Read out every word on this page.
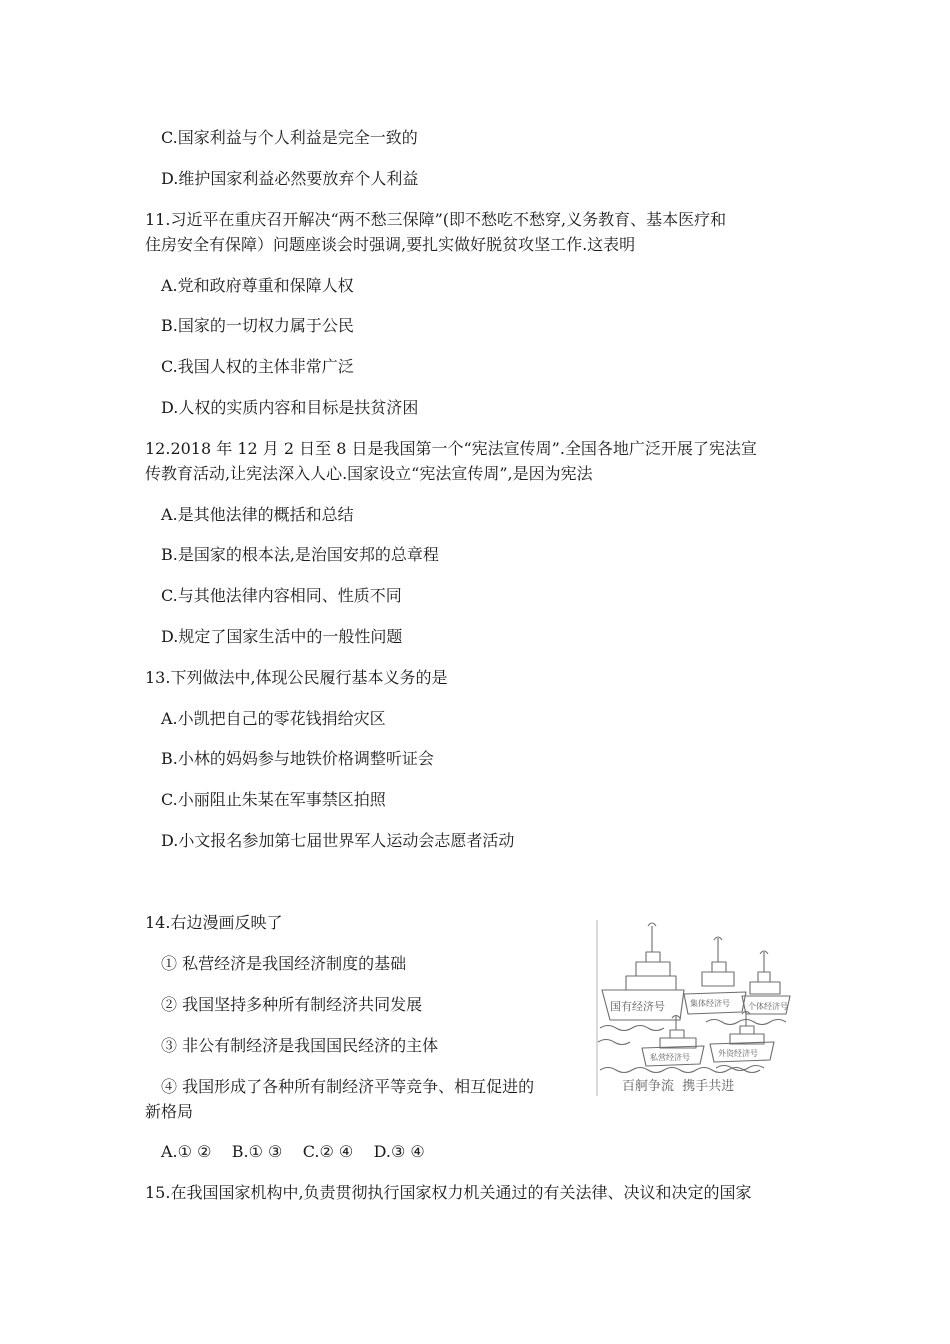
C.国家利益与个人利益是完全一致的
D.维护国家利益必然要放弃个人利益
11.习近平在重庆召开解决“两不愁三保障”(即不愁吃不愁穿,义务教育、基本医疗和
住房安全有保障）问题座谈会时强调,要扎实做好脱贫攻坚工作.这表明
A.党和政府尊重和保障人权
B.国家的一切权力属于公民
C.我国人权的主体非常广泛
D.人权的实质内容和目标是扶贫济困
12.2018 年 12 月 2 日至 8 日是我国第一个“宪法宣传周”.全国各地广泛开展了宪法宣
传教育活动,让宪法深入人心.国家设立“宪法宣传周”,是因为宪法
A.是其他法律的概括和总结
B.是国家的根本法,是治国安邦的总章程
C.与其他法律内容相同、性质不同
D.规定了国家生活中的一般性问题
13.下列做法中,体现公民履行基本义务的是
A.小凯把自己的零花钱捐给灾区
B.小林的妈妈参与地铁价格调整听证会
C.小丽阻止朱某在军事禁区拍照
D.小文报名参加第七届世界军人运动会志愿者活动
14.右边漫画反映了
① 私营经济是我国经济制度的基础
② 我国坚持多种所有制经济共同发展
③ 非公有制经济是我国国民经济的主体
④ 我国形成了各种所有制经济平等竞争、相互促进的
新格局
A.① ②    B.① ③    C.② ④    D.③ ④
国有经济号	集体经济号 个体经济号
私营经济号	外资经济号
百舸争流  携手共进
15.在我国国家机构中,负责贯彻执行国家权力机关通过的有关法律、决议和决定的国家
